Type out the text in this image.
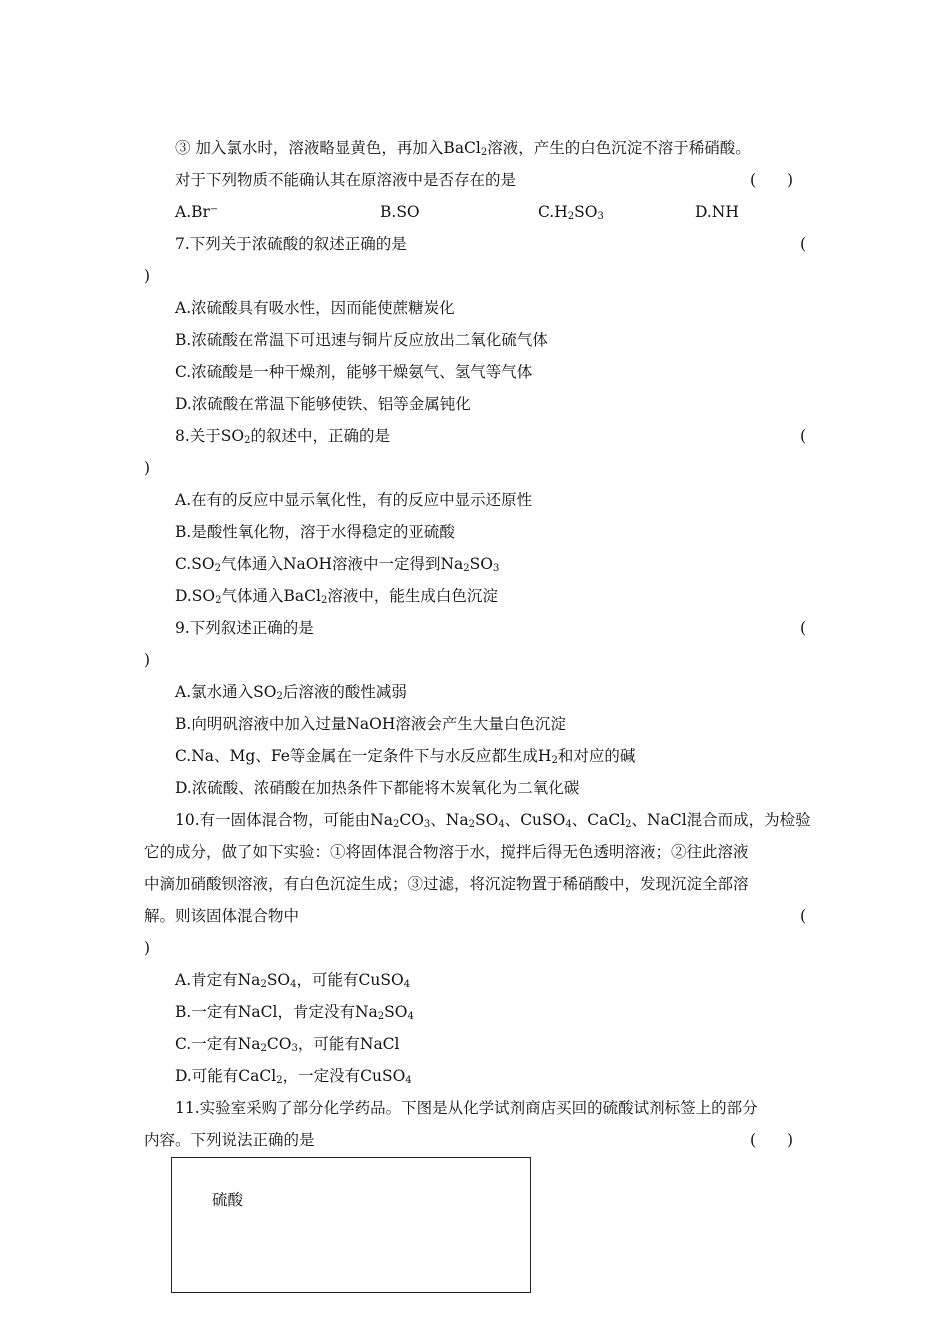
③ 加入氯水时，溶液略显黄色，再加入BaCl$_2$溶液，产生的白色沉淀不溶于稀硝酸。
对于下列物质不能确认其在原溶液中是否存在的是	(　　)
A.Br⁻	B.SO	$C.H_2SO_3$	D.NH
7.下列关于浓硫酸的叙述正确的是	(
)
A.浓硫酸具有吸水性，因而能使蔗糖炭化
B.浓硫酸在常温下可迅速与铜片反应放出二氧化硫气体
C.浓硫酸是一种干燥剂，能够干燥氨气、氢气等气体
D.浓硫酸在常温下能够使铁、铝等金属钝化
8.关于$SO_2$的叙述中，正确的是	(
)
A.在有的反应中显示氧化性，有的反应中显示还原性
B.是酸性氧化物，溶于水得稳定的亚硫酸
$C.SO_2$气体通入NaOH溶液中一定得到$Na_2SO_3$
$D.SO_2$气体通入BaCl$_2$溶液中，能生成白色沉淀
9.下列叙述正确的是	(
)
A.氯水通入$SO_2$后溶液的酸性减弱
B.向明矾溶液中加入过量NaOH溶液会产生大量白色沉淀
C.Na、Mg、Fe等金属在一定条件下与水反应都生成$H_2$和对应的碱
D.浓硫酸、浓硝酸在加热条件下都能将木炭氧化为二氧化碳
10.有一固体混合物，可能由$Na_2CO_3$、$Na_2SO_4$、CuSO$_4$、CaCl$_2$、NaCl混合而成，为检验
它的成分，做了如下实验：①将固体混合物溶于水，搅拌后得无色透明溶液；②往此溶液
中滴加硝酸钡溶液，有白色沉淀生成；③过滤，将沉淀物置于稀硝酸中，发现沉淀全部溶
解。则该固体混合物中	(
)
A.肯定有$Na_2SO_4$，可能有CuSO$_4$
B.一定有NaCl，肯定没有$Na_2SO_4$
C.一定有$Na_2CO_3$，可能有NaCl
D.可能有CaCl$_2$，一定没有CuSO$_4$
11.实验室采购了部分化学药品。下图是从化学试剂商店买回的硫酸试剂标签上的部分
内容。下列说法正确的是	(　　)
硫酸
